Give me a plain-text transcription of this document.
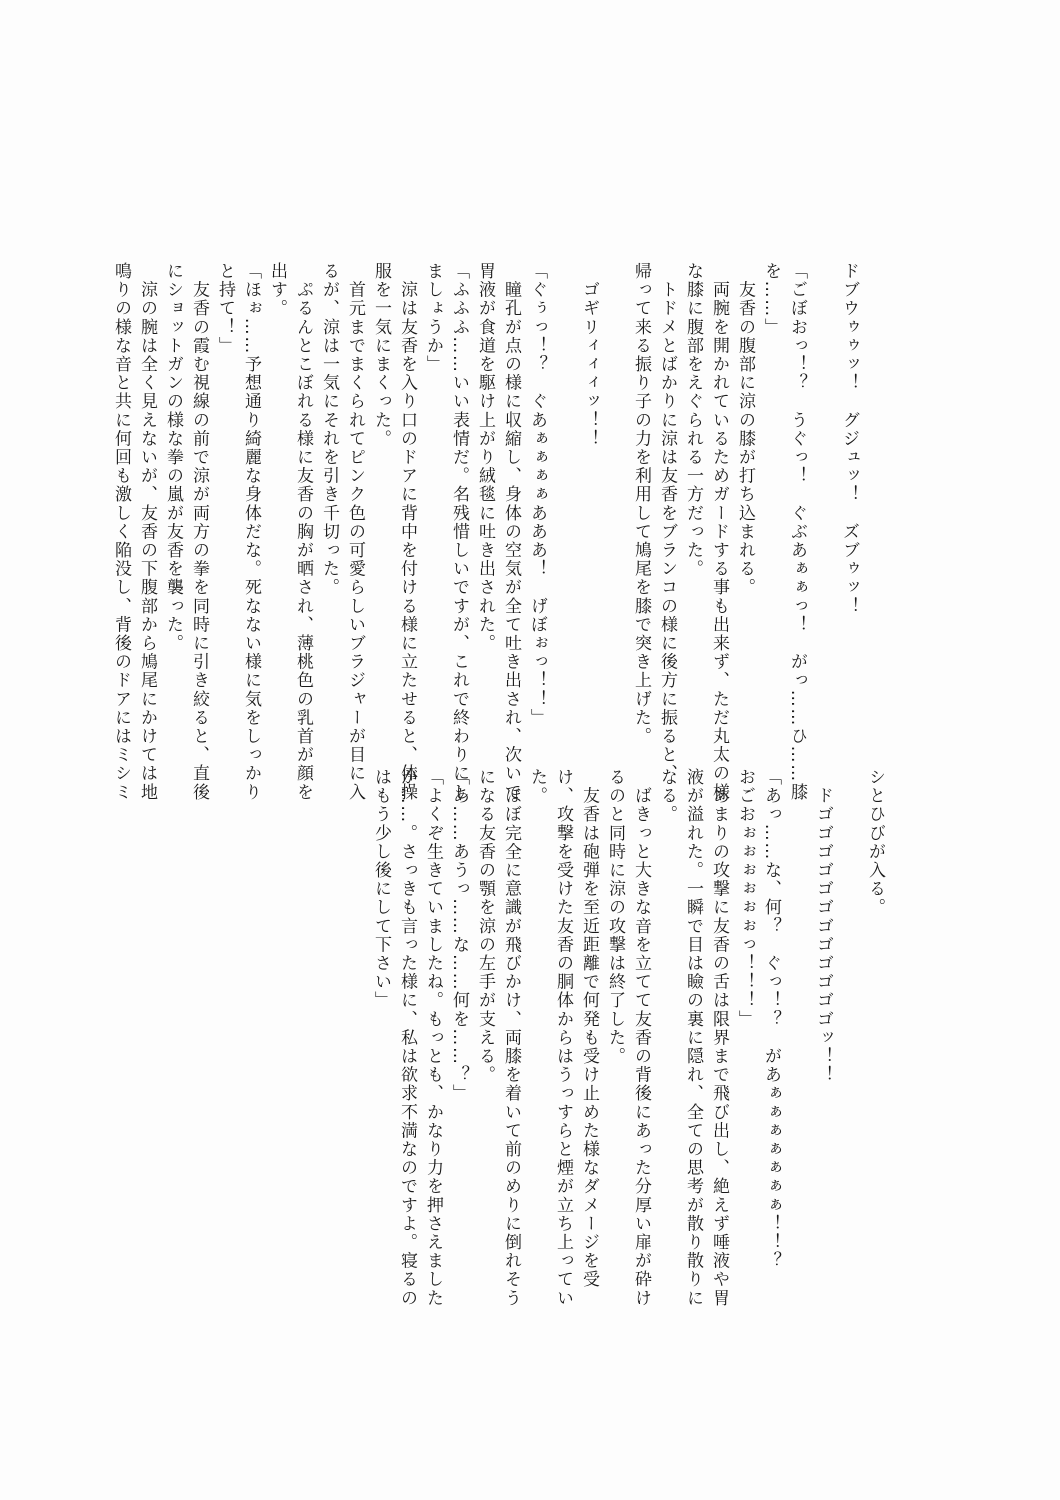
ドブウゥゥッ！　グジュッ！　ズブゥッ！
「ごぼおっ！？　うぐっ！　ぐぶあぁぁっ！　がっ……ひ……膝
を……」
　友香の腹部に涼の膝が打ち込まれる。
　両腕を開かれているためガードする事も出来ず、ただ丸太の様
な膝に腹部をえぐられる一方だった。
　トドメとばかりに涼は友香をブランコの様に後方に振ると、
帰って来る振り子の力を利用して鳩尾を膝で突き上げた。
　ゴギリィィィッ！！
「ぐぅっ！？　ぐあぁぁぁぁあああ！　げぼぉっ！！」
　瞳孔が点の様に収縮し、身体の空気が全て吐き出され、次いで
胃液が食道を駆け上がり絨毯に吐き出された。
「ふふふ……いい表情だ。名残惜しいですが、これで終わりにし
ましょうか」
　涼は友香を入り口のドアに背中を付ける様に立たせると、体操
服を一気にまくった。
　首元までまくられてピンク色の可愛らしいブラジャーが目に入
るが、涼は一気にそれを引き千切った。
　ぷるんとこぼれる様に友香の胸が晒され、薄桃色の乳首が顔を
出す。
「ほぉ……予想通り綺麗な身体だな。死なない様に気をしっかり
と持て！」
　友香の霞む視線の前で涼が両方の拳を同時に引き絞ると、直後
にショットガンの様な拳の嵐が友香を襲った。
　涼の腕は全く見えないが、友香の下腹部から鳩尾にかけては地
鳴りの様な音と共に何回も激しく陥没し、背後のドアにはミシミ
シとひびが入る。
　ドゴゴゴゴゴゴゴゴゴゴゴゴッ！！
「あっ……な、何？　ぐっ！？　があぁぁぁぁぁぁぁ！！？
おごおぉぉぉぉぉぉっ！！！」
　あまりの攻撃に友香の舌は限界まで飛び出し、絶えず唾液や胃
液が溢れた。一瞬で目は瞼の裏に隠れ、全ての思考が散り散りに
なる。
　ばきっと大きな音を立てて友香の背後にあった分厚い扉が砕け
るのと同時に涼の攻撃は終了した。
　友香は砲弾を至近距離で何発も受け止めた様なダメージを受
け、攻撃を受けた友香の胴体からはうっすらと煙が立ち上ってい
た。
　ほぼ完全に意識が飛びかけ、両膝を着いて前のめりに倒れそう
になる友香の顎を涼の左手が支える。
「あ……あうっ……な……何を……？」
「よくぞ生きていましたね。もっとも、かなり力を押さえました
が……。さっきも言った様に、私は欲求不満なのですよ。寝るの
はもう少し後にして下さい」
